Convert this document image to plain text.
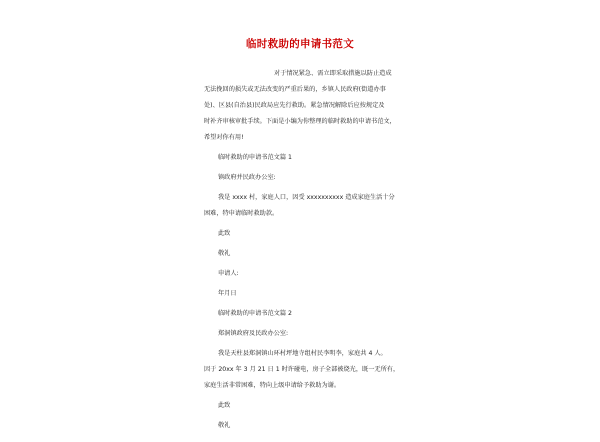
临时救助的申请书范文
对于情况紧急、需立即采取措施以防止造成
无法挽回的损失或无法改变的严重后果的，乡镇人民政府(街道办事
处)、区县(自治县)民政局应先行救助。紧急情况解除后应按规定及
时补齐审核审批手续。下面是小编为你整理的临时救助的申请书范文，
希望对你有用!
临时救助的申请书范文篇 1
镇政府并民政办公室:
我是 xxxx 村，家庭人口，因受 xxxxxxxxxx 造成家庭生活十分
困难，特申请临时救助款。
此致
敬礼
申请人:
年月日
临时救助的申请书范文篇 2
郑洞镇政府及民政办公室:
我是天柱县郑洞镇山环村坪地寺组村民李明李，家庭共 4 人。
因于 20xx 年 3 月 21 日 1 时许碰电，房子全部被烧光，既一无所有，
家庭生活非常困难，特向上级申请给予救助为谢。
此致
敬礼
